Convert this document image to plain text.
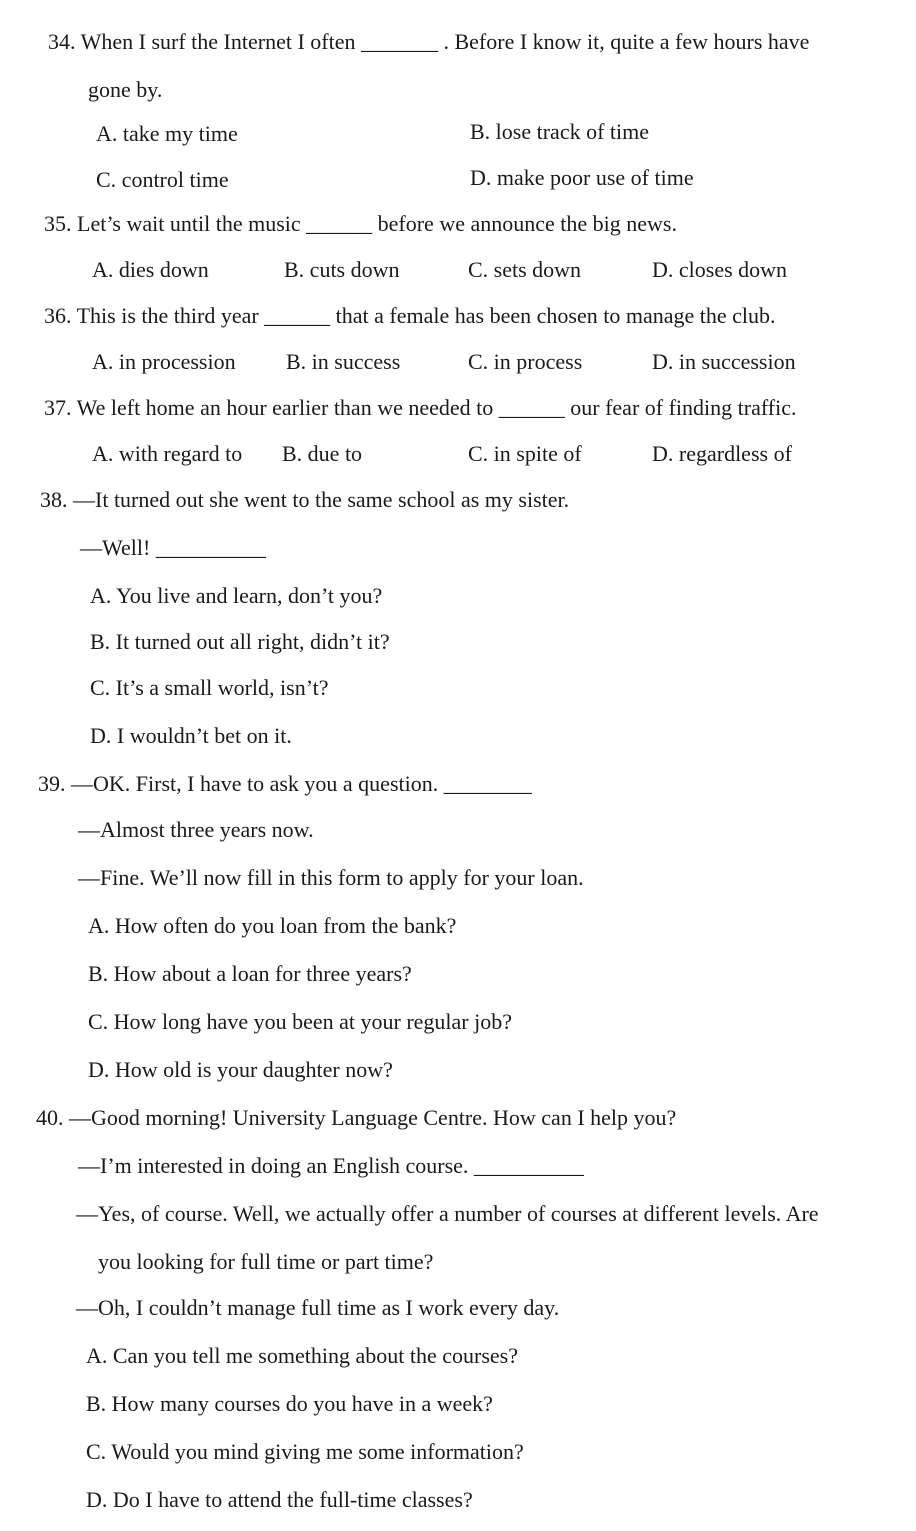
34. When I surf the Internet I often _______ . Before I know it, quite a few hours have
gone by.
A. take my time	B. lose track of time
C. control time	D. make poor use of time
35. Let’s wait until the music ______ before we announce the big news.
A. dies down	B. cuts down	C. sets down	D. closes down
36. This is the third year ______ that a female has been chosen to manage the club.
A. in procession B. in success	C. in process	D. in succession
37. We left home an hour earlier than we needed to ______ our fear of finding traffic.
A. with regard to B. due to	C. in spite of	D. regardless of
38. —It turned out she went to the same school as my sister.
—Well! __________
A. You live and learn, don’t you?
B. It turned out all right, didn’t it?
C. It’s a small world, isn’t?
D. I wouldn’t bet on it.
39. —OK. First, I have to ask you a question. ________
—Almost three years now.
—Fine. We’ll now fill in this form to apply for your loan.
A. How often do you loan from the bank?
B. How about a loan for three years?
C. How long have you been at your regular job?
D. How old is your daughter now?
40. —Good morning! University Language Centre. How can I help you?
—I’m interested in doing an English course. __________
—Yes, of course. Well, we actually offer a number of courses at different levels. Are
you looking for full time or part time?
—Oh, I couldn’t manage full time as I work every day.
A. Can you tell me something about the courses?
B. How many courses do you have in a week?
C. Would you mind giving me some information?
D. Do I have to attend the full-time classes?
